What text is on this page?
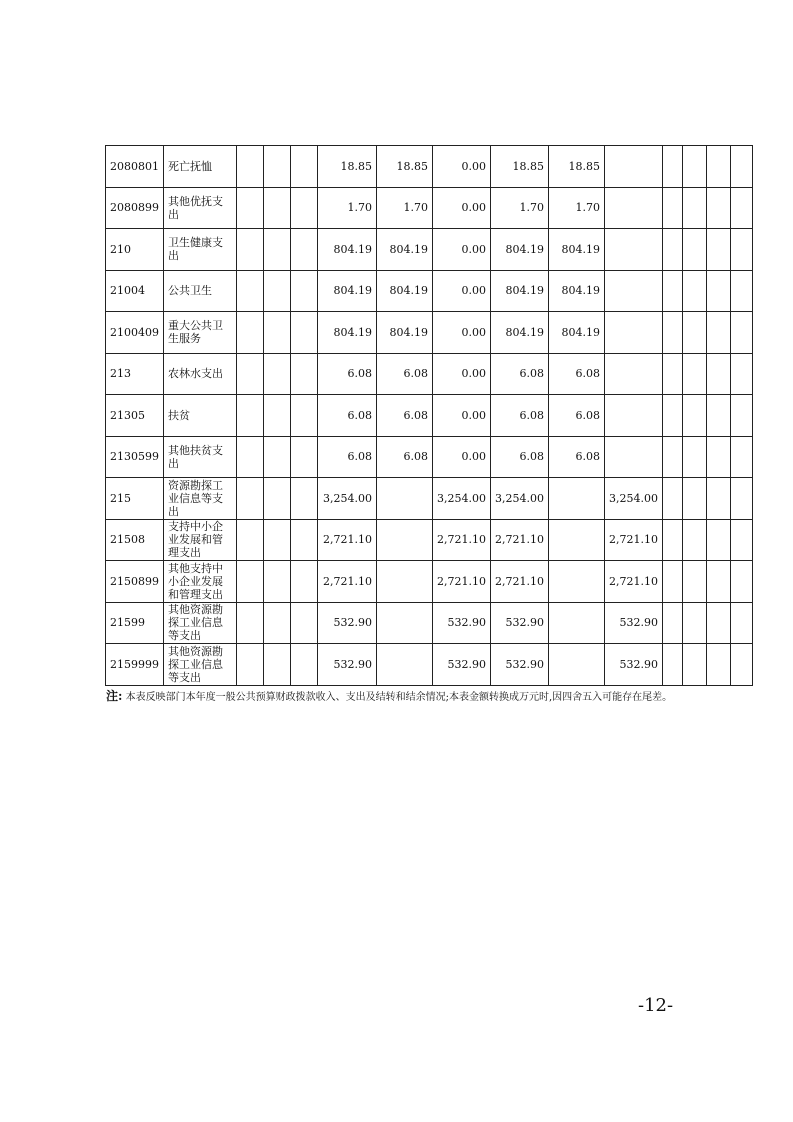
2080801	死亡抚恤				18.85	18.85	0.00	18.85	18.85					
2080899	其他优抚支出				1.70	1.70	0.00	1.70	1.70					
210	卫生健康支出				804.19	804.19	0.00	804.19	804.19					
21004	公共卫生				804.19	804.19	0.00	804.19	804.19					
2100409	重大公共卫生服务				804.19	804.19	0.00	804.19	804.19					
213	农林水支出				6.08	6.08	0.00	6.08	6.08					
21305	扶贫				6.08	6.08	0.00	6.08	6.08					
2130599	其他扶贫支出				6.08	6.08	0.00	6.08	6.08					
215	资源勘探工业信息等支出				3,254.00		3,254.00	3,254.00		3,254.00				
21508	支持中小企业发展和管理支出				2,721.10		2,721.10	2,721.10		2,721.10				
2150899	其他支持中小企业发展和管理支出				2,721.10		2,721.10	2,721.10		2,721.10				
21599	其他资源勘探工业信息等支出				532.90		532.90	532.90		532.90				
2159999	其他资源勘探工业信息等支出				532.90		532.90	532.90		532.90				
注: 本表反映部门本年度一般公共预算财政拨款收入、支出及结转和结余情况;本表金额转换成万元时,因四舍五入可能存在尾差。
-12-
